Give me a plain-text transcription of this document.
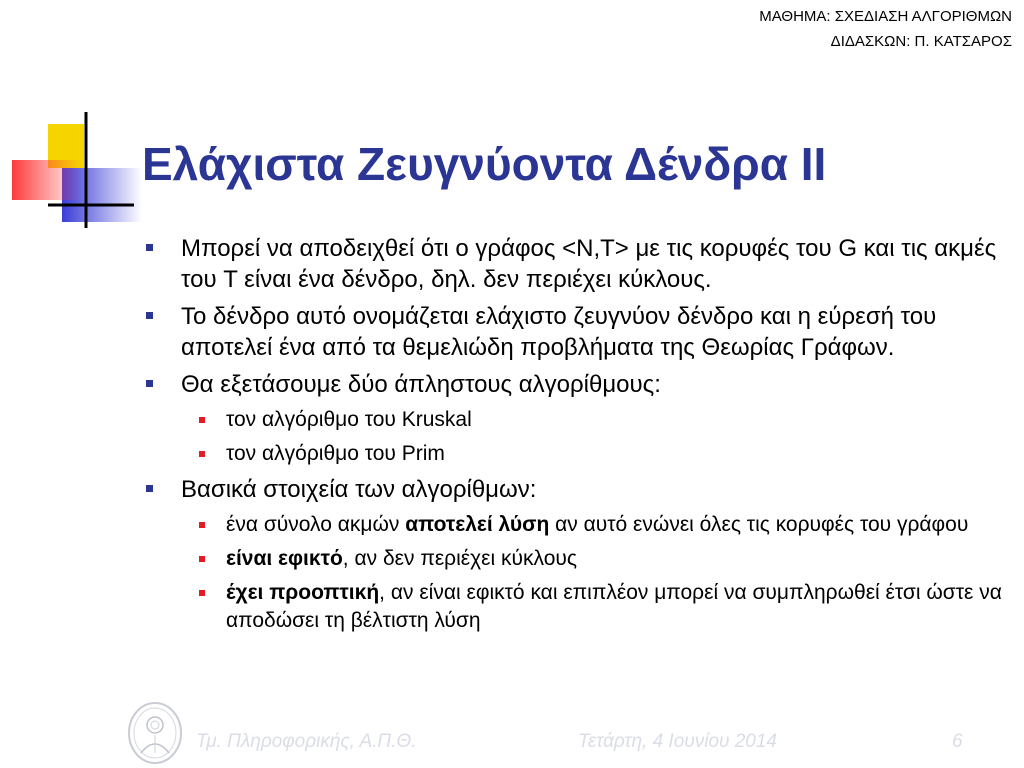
ΜΑΘΗΜΑ: ΣΧΕΔΙΑΣΗ ΑΛΓΟΡΙΘΜΩΝ
ΔΙΔΑΣΚΩΝ: Π. ΚΑΤΣΑΡΟΣ
Ελάχιστα Ζευγνύοντα Δένδρα ΙΙ
Μπορεί να αποδειχθεί ότι ο γράφος <N,T> με τις κορυφές του G και τις ακμές του T είναι ένα δένδρο, δηλ. δεν περιέχει κύκλους.
Το δένδρο αυτό ονομάζεται ελάχιστο ζευγνύον δένδρο και η εύρεσή του αποτελεί ένα από τα θεμελιώδη προβλήματα της Θεωρίας Γράφων.
Θα εξετάσουμε δύο άπληστους αλγορίθμους:
τον αλγόριθμο του Kruskal
τον αλγόριθμο του Prim
Βασικά στοιχεία των αλγορίθμων:
ένα σύνολο ακμών αποτελεί λύση αν αυτό ενώνει όλες τις κορυφές του γράφου
είναι εφικτό, αν δεν περιέχει κύκλους
έχει προοπτική, αν είναι εφικτό και επιπλέον μπορεί να συμπληρωθεί έτσι ώστε να αποδώσει τη βέλτιστη λύση
Τμ. Πληροφορικής, Α.Π.Θ.	Τετάρτη, 4 Ιουνίου 2014	6
